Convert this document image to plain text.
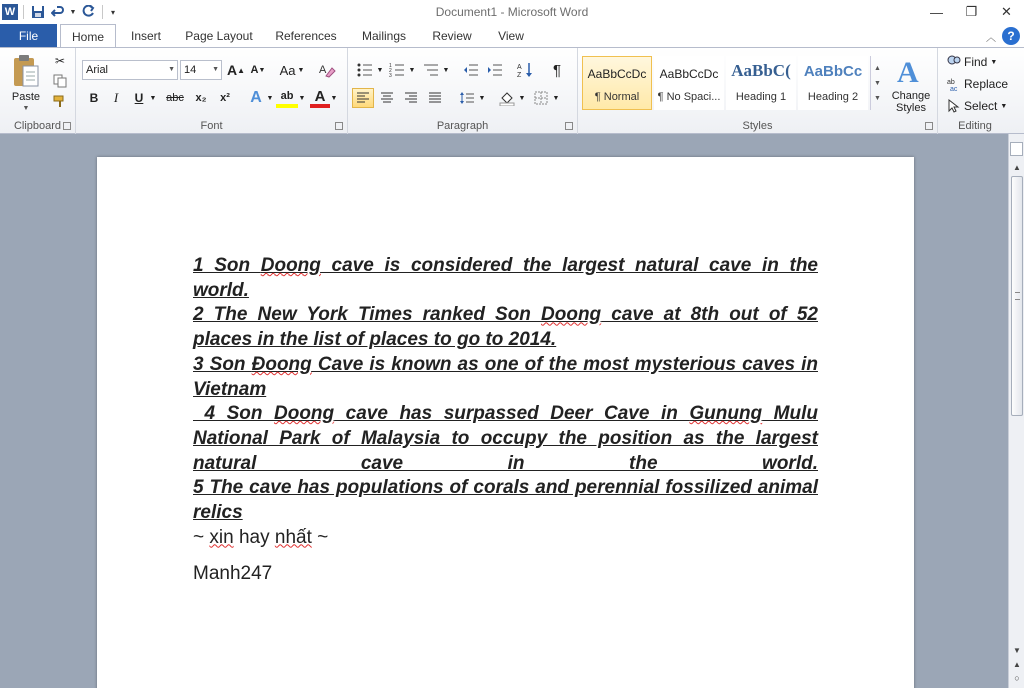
W	▼	▾	Document1 - Microsoft Word	—	❐	✕
File	Home	Insert	Page Layout	References	Mailings	Review	View	︿ ?
Paste
▼
✂
Clipboard
Arial	▼ 14 ▼ A ▲ A ▼ Aa ▼ A
B	I	U ▼ abc	x₂	x²	A ▼ ab ▼ A ▼
Font
▼
1
2
3
▼	▼	A
Z	¶
▼	▼	▼
Paragraph
AaBbCcDc
¶ Normal
AaBbCcDc
¶ No Spaci...
AaBbC(
Heading 1
AaBbCc
Heading 2
▲
▼
▼
A
Change Styles
Styles
Find ▼
ab
ac Replace
Select ▼
Editing

1 Son Doong cave is considered the largest natural cave in the world.

2 The New York Times ranked Son Doong cave at 8th out of 52 places in the list of places to go to 2014.

3 Son Đoong Cave is known as one of the most mysterious caves in Vietnam

4 Son Doong cave has surpassed Deer Cave in Gunung Mulu National Park of Malaysia to occupy the position as the largest natural cave in the world.

5 The cave has populations of corals and perennial fossilized animal relics

~ xin hay nhất ~

Manh247

▲
▼
▲
○
